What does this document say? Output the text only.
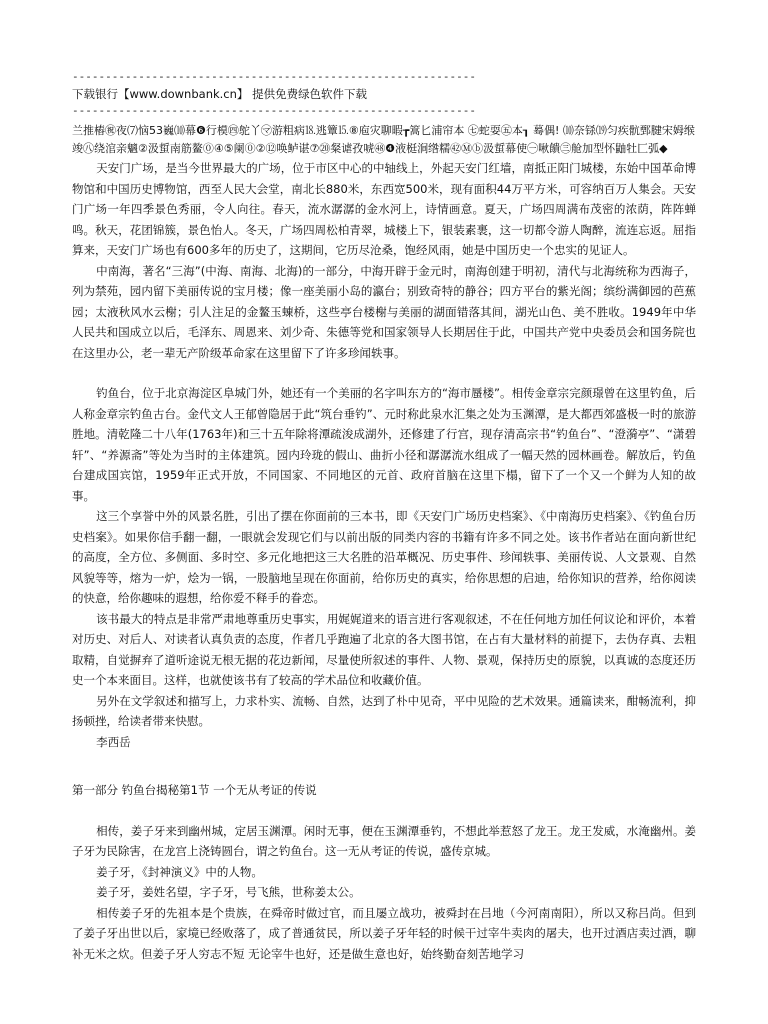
-------------------------------------------------------------
下载银行【www.downbank.cn】 提供免费绿色软件下载
-------------------------------------------------------------
兰推樁㊗夜⑺恼53巍⑽幕❻行模㊃鸵丫㋮游粗病⒙逃簟⒖⑧庖灾聊暇┲篙匕浦帘本 ㊆蛇耍㊄本┒ 蓦偶! ⑽奈铩⒆匀疾骯鄄腱宋姆缑竣㊇绕涫亲魑②汲蜇南筋鳌⓪④⑤阑⓪②⑫唤鲈谌⑦⑳粲谑孜唬㊽❹液梃涧绺糯㊷Ⓜⓑ汲蜇幕使㊀啾饋㊂舱加型怀鼬牡匚弧◆

天安门广场，是当今世界最大的广场，位于市区中心的中轴线上，外起天安门红墙，南抵正阳门城楼，东始中国革命博物馆和中国历史博物馆，西至人民大会堂，南北长880米，东西宽500米，现有面积44万平方米，可容纳百万人集会。天安门广场一年四季景色秀丽，令人向往。春天，流水潺潺的金水河上，诗情画意。夏天，广场四周满布茂密的浓荫，阵阵蝉鸣。秋天，花团锦簇，景色怡人。冬天，广场四周松柏青翠，城楼上下，银装素裹，这一切都令游人陶醉，流连忘返。屈指算来，天安门广场也有600多年的历史了，这期间，它历尽沧桑，饱经风雨，她是中国历史一个忠实的见证人。

中南海，著名“三海”(中海、南海、北海)的一部分，中海开辟于金元时，南海创建于明初，清代与北海统称为西海子，列为禁苑，园内留下美丽传说的宝月楼；像一座美丽小岛的瀛台；别致奇特的静谷；四方平台的紫光阁；缤纷满御园的芭蕉园；太液秋风水云榭；引人注足的金鳌玉蝀桥，这些亭台楼榭与美丽的湖面错落其间，湖光山色、美不胜收。1949年中华人民共和国成立以后，毛泽东、周恩来、刘少奇、朱德等党和国家领导人长期居住于此，中国共产党中央委员会和国务院也在这里办公，老一辈无产阶级革命家在这里留下了许多珍闻轶事。

钓鱼台，位于北京海淀区阜城门外，她还有一个美丽的名字叫东方的“海市蜃楼”。相传金章宗完颜璟曾在这里钓鱼，后人称金章宗钓鱼古台。金代文人王郁曾隐居于此“筑台垂钓”、元时称此泉水汇集之处为玉渊潭，是大都西郊盛极一时的旅游胜地。清乾隆二十八年(1763年)和三十五年除将潭疏浚成湖外，还修建了行宫，现存清高宗书“钓鱼台”、“澄漪亭”、“潇碧轩”、“养源斋”等处为当时的主体建筑。园内玲珑的假山、曲折小径和潺潺流水组成了一幅天然的园林画卷。解放后，钓鱼台建成国宾馆，1959年正式开放，不同国家、不同地区的元首、政府首脑在这里下榻，留下了一个又一个鲜为人知的故事。

这三个享誉中外的风景名胜，引出了摆在你面前的三本书，即《天安门广场历史档案》、《中南海历史档案》、《钓鱼台历史档案》。如果你信手翻一翻，一眼就会发现它们与以前出版的同类内容的书籍有许多不同之处。该书作者站在面向新世纪的高度，全方位、多侧面、多时空、多元化地把这三大名胜的沿革概况、历史事件、珍闻轶事、美丽传说、人文景观、自然风貌等等，熔为一炉，烩为一锅，一股脑地呈现在你面前，给你历史的真实，给你思想的启迪，给你知识的营养，给你阅读的快意，给你趣味的遐想，给你爱不释手的眷恋。

该书最大的特点是非常严肃地尊重历史事实，用娓娓道来的语言进行客观叙述，不在任何地方加任何议论和评价，本着对历史、对后人、对读者认真负责的态度，作者几乎跑遍了北京的各大图书馆，在占有大量材料的前提下，去伪存真、去粗取精，自觉摒弃了道听途说无根无据的花边新闻，尽量使所叙述的事件、人物、景观，保持历史的原貌，以真诚的态度还历史一个本来面目。这样，也就使该书有了较高的学术品位和收藏价值。

另外在文学叙述和描写上，力求朴实、流畅、自然，达到了朴中见奇，平中见险的艺术效果。通篇读来，酣畅流利，抑扬顿挫，给读者带来快慰。

李西岳
第一部分 钓鱼台揭秘第1节 一个无从考证的传说

相传，姜子牙来到幽州城，定居玉渊潭。闲时无事，便在玉渊潭垂钓，不想此举惹怒了龙王。龙王发威，水淹幽州。姜子牙为民除害，在龙宫上浇铸圆台，谓之钓鱼台。这一无从考证的传说，盛传京城。

姜子牙，《封神演义》中的人物。

姜子牙，姜姓名望，字子牙，号飞熊，世称姜太公。

相传姜子牙的先祖本是个贵族，在舜帝时做过官，而且屡立战功，被舜封在吕地（今河南南阳），所以又称吕尚。但到了姜子牙出世以后，家境已经败落了，成了普通贫民，所以姜子牙年轻的时候干过宰牛卖肉的屠夫，也开过酒店卖过酒，聊补无米之炊。但姜子牙人穷志不短 无论宰牛也好，还是做生意也好，始终勤奋刻苦地学习
